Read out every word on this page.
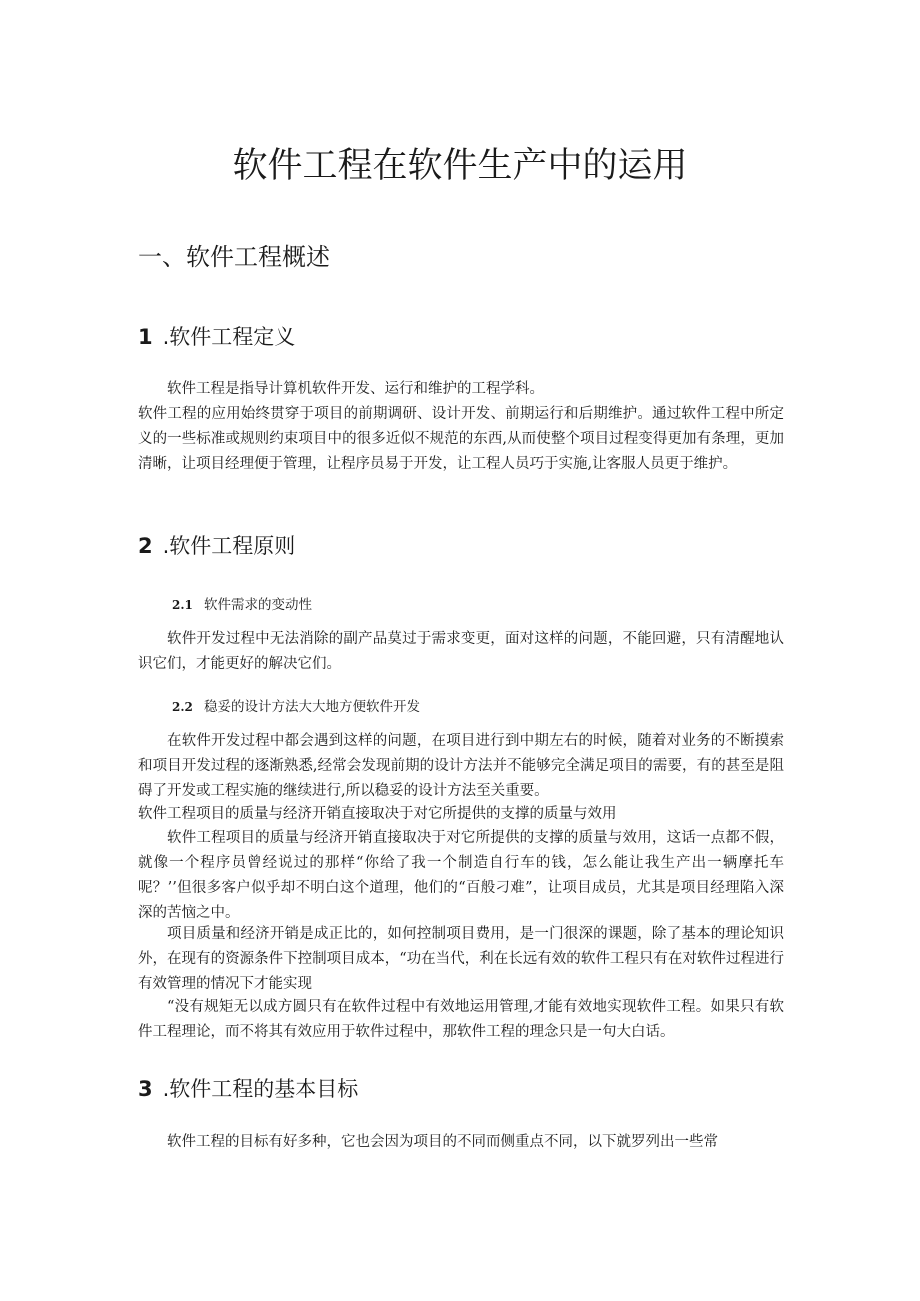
软件工程在软件生产中的运用
一、软件工程概述
1 .软件工程定义

软件工程是指导计算机软件开发、运行和维护的工程学科。

软件工程的应用始终贯穿于项目的前期调研、设计开发、前期运行和后期维护。通过软件工程中所定义的一些标准或规则约束项目中的很多近似不规范的东西,从而使整个项目过程变得更加有条理，更加清晰，让项目经理便于管理，让程序员易于开发，让工程人员巧于实施,让客服人员更于维护。

2 .软件工程原则
2.1 软件需求的变动性

软件开发过程中无法消除的副产品莫过于需求变更，面对这样的问题，不能回避，只有清醒地认识它们，才能更好的解决它们。

2.2 稳妥的设计方法大大地方便软件开发

在软件开发过程中都会遇到这样的问题，在项目进行到中期左右的时候，随着对业务的不断摸索和项目开发过程的逐渐熟悉,经常会发现前期的设计方法并不能够完全满足项目的需要，有的甚至是阻碍了开发或工程实施的继续进行,所以稳妥的设计方法至关重要。

软件工程项目的质量与经济开销直接取决于对它所提供的支撑的质量与效用

软件工程项目的质量与经济开销直接取决于对它所提供的支撑的质量与效用，这话一点都不假，就像一个程序员曾经说过的那样“你给了我一个制造自行车的钱，怎么能让我生产出一辆摩托车呢？’’但很多客户似乎却不明白这个道理，他们的“百般刁难”，让项目成员，尤其是项目经理陷入深深的苦恼之中。

项目质量和经济开销是成正比的，如何控制项目费用，是一门很深的课题，除了基本的理论知识外，在现有的资源条件下控制项目成本，“功在当代，利在长远有效的软件工程只有在对软件过程进行有效管理的情况下才能实现

“没有规矩无以成方圆只有在软件过程中有效地运用管理,才能有效地实现软件工程。如果只有软件工程理论，而不将其有效应用于软件过程中，那软件工程的理念只是一句大白话。

3 .软件工程的基本目标

软件工程的目标有好多种，它也会因为项目的不同而侧重点不同，以下就罗列出一些常
